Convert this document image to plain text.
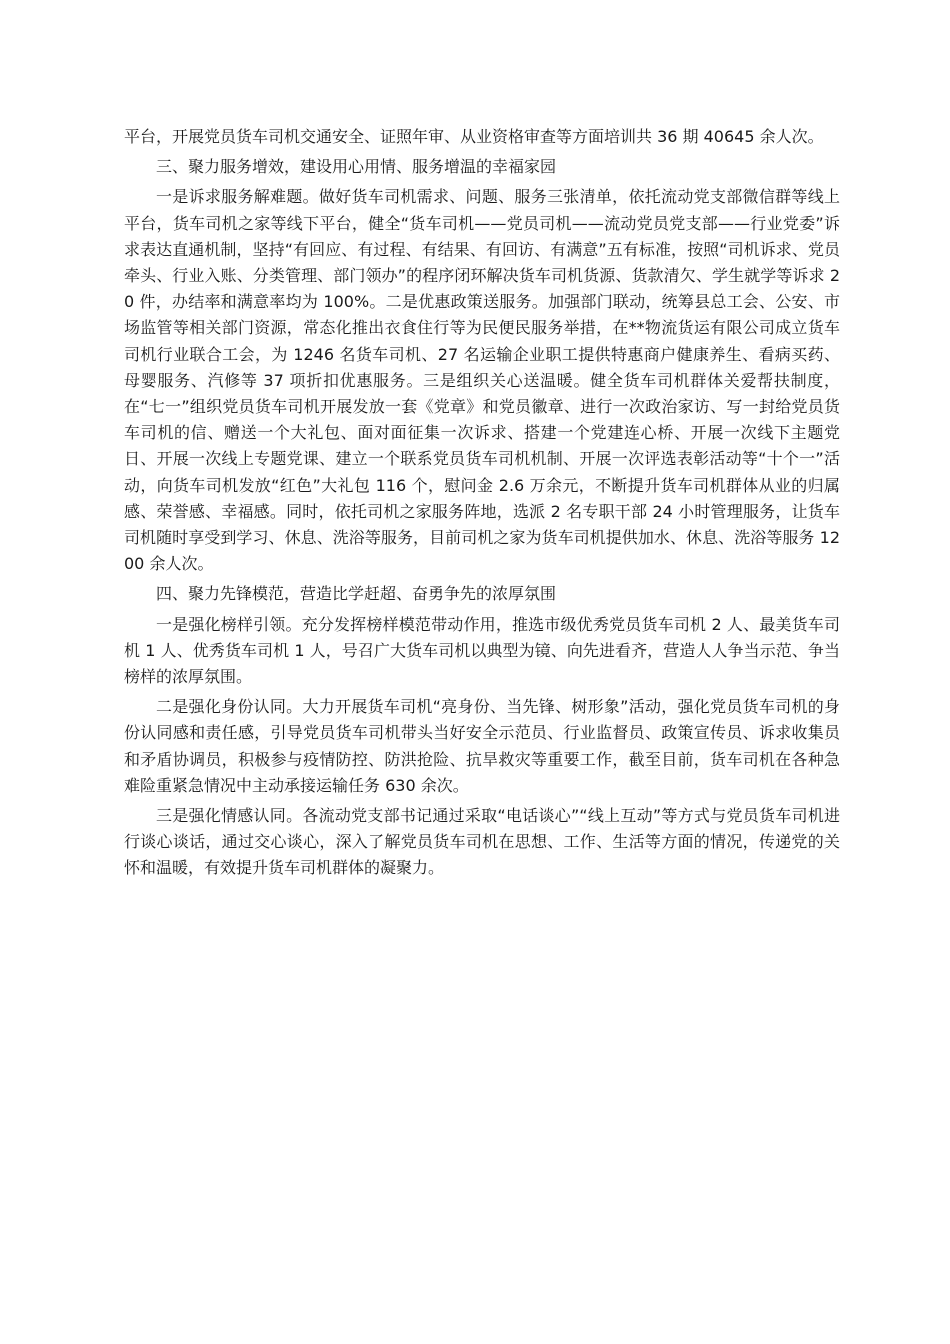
平台，开展党员货车司机交通安全、证照年审、从业资格审查等方面培训共 36 期 40645 余人次。

三、聚力服务增效，建设用心用情、服务增温的幸福家园

一是诉求服务解难题。做好货车司机需求、问题、服务三张清单，依托流动党支部微信群等线上平台，货车司机之家等线下平台，健全“货车司机——党员司机——流动党员党支部——行业党委”诉求表达直通机制，坚持“有回应、有过程、有结果、有回访、有满意”五有标准，按照“司机诉求、党员牵头、行业入账、分类管理、部门领办”的程序闭环解决货车司机货源、货款清欠、学生就学等诉求 20 件，办结率和满意率均为 100%。二是优惠政策送服务。加强部门联动，统筹县总工会、公安、市场监管等相关部门资源，常态化推出衣食住行等为民便民服务举措，在**物流货运有限公司成立货车司机行业联合工会，为 1246 名货车司机、27 名运输企业职工提供特惠商户健康养生、看病买药、母婴服务、汽修等 37 项折扣优惠服务。三是组织关心送温暖。健全货车司机群体关爱帮扶制度，在“七一”组织党员货车司机开展发放一套《党章》和党员徽章、进行一次政治家访、写一封给党员货车司机的信、赠送一个大礼包、面对面征集一次诉求、搭建一个党建连心桥、开展一次线下主题党日、开展一次线上专题党课、建立一个联系党员货车司机机制、开展一次评选表彰活动等“十个一”活动，向货车司机发放“红色”大礼包 116 个，慰问金 2.6 万余元，不断提升货车司机群体从业的归属感、荣誉感、幸福感。同时，依托司机之家服务阵地，选派 2 名专职干部 24 小时管理服务，让货车司机随时享受到学习、休息、洗浴等服务，目前司机之家为货车司机提供加水、休息、洗浴等服务 1200 余人次。

四、聚力先锋模范，营造比学赶超、奋勇争先的浓厚氛围

一是强化榜样引领。充分发挥榜样模范带动作用，推选市级优秀党员货车司机 2 人、最美货车司机 1 人、优秀货车司机 1 人，号召广大货车司机以典型为镜、向先进看齐，营造人人争当示范、争当榜样的浓厚氛围。

二是强化身份认同。大力开展货车司机“亮身份、当先锋、树形象”活动，强化党员货车司机的身份认同感和责任感，引导党员货车司机带头当好安全示范员、行业监督员、政策宣传员、诉求收集员和矛盾协调员，积极参与疫情防控、防洪抢险、抗旱救灾等重要工作，截至目前，货车司机在各种急难险重紧急情况中主动承接运输任务 630 余次。

三是强化情感认同。各流动党支部书记通过采取“电话谈心”“线上互动”等方式与党员货车司机进行谈心谈话，通过交心谈心，深入了解党员货车司机在思想、工作、生活等方面的情况，传递党的关怀和温暖，有效提升货车司机群体的凝聚力。
